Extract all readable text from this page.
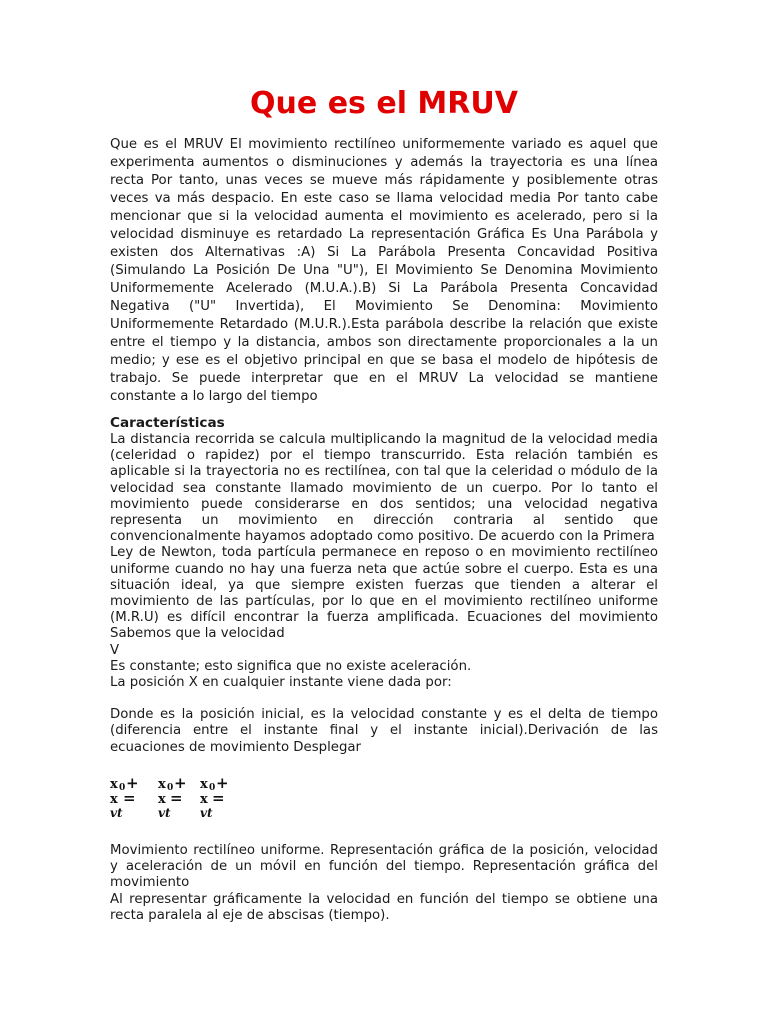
Que es el MRUV

Que es el MRUV El movimiento rectilíneo uniformemente variado es aquel que experimenta aumentos o disminuciones y además la trayectoria es una línea recta Por tanto, unas veces se mueve más rápidamente y posiblemente otras veces va más despacio. En este caso se llama velocidad media Por tanto cabe mencionar que si la velocidad aumenta el movimiento es acelerado, pero si la velocidad disminuye es retardado La representación Gráfica Es Una Parábola y existen dos Alternativas :A) Si La Parábola Presenta Concavidad Positiva (Simulando La Posición De Una "U"), El Movimiento Se Denomina Movimiento Uniformemente Acelerado (M.U.A.).B) Si La Parábola Presenta Concavidad Negativa ("U" Invertida), El Movimiento Se Denomina: Movimiento Uniformemente Retardado (M.U.R.).Esta parábola describe la relación que existe entre el tiempo y la distancia, ambos son directamente proporcionales a la un medio; y ese es el objetivo principal en que se basa el modelo de hipótesis de trabajo. Se puede interpretar que en el MRUV La velocidad se mantiene constante a lo largo del tiempo

Características

La distancia recorrida se calcula multiplicando la magnitud de la velocidad media (celeridad o rapidez) por el tiempo transcurrido. Esta relación también es aplicable si la trayectoria no es rectilínea, con tal que la celeridad o módulo de la velocidad sea constante llamado movimiento de un cuerpo. Por lo tanto el movimiento puede considerarse en dos sentidos; una velocidad negativa representa un movimiento en dirección contraria al sentido que convencionalmente hayamos adoptado como positivo. De acuerdo con la Primera

Ley de Newton, toda partícula permanece en reposo o en movimiento rectilíneo uniforme cuando no hay una fuerza neta que actúe sobre el cuerpo. Esta es una situación ideal, ya que siempre existen fuerzas que tienden a alterar el movimiento de las partículas, por lo que en el movimiento rectilíneo uniforme (M.R.U) es difícil encontrar la fuerza amplificada. Ecuaciones del movimiento Sabemos que la velocidad

V

Es constante; esto significa que no existe aceleración.

La posición X en cualquier instante viene dada por:

Donde es la posición inicial, es la velocidad constante y es el delta de tiempo (diferencia entre el instante final y el instante inicial).Derivación de las ecuaciones de movimiento Desplegar

x 0
x
vt
+
=
x 0
x
vt
+
=
x 0
x
vt
+
=

Movimiento rectilíneo uniforme. Representación gráfica de la posición, velocidad y aceleración de un móvil en función del tiempo. Representación gráfica del movimiento

Al representar gráficamente la velocidad en función del tiempo se obtiene una recta paralela al eje de abscisas (tiempo).
